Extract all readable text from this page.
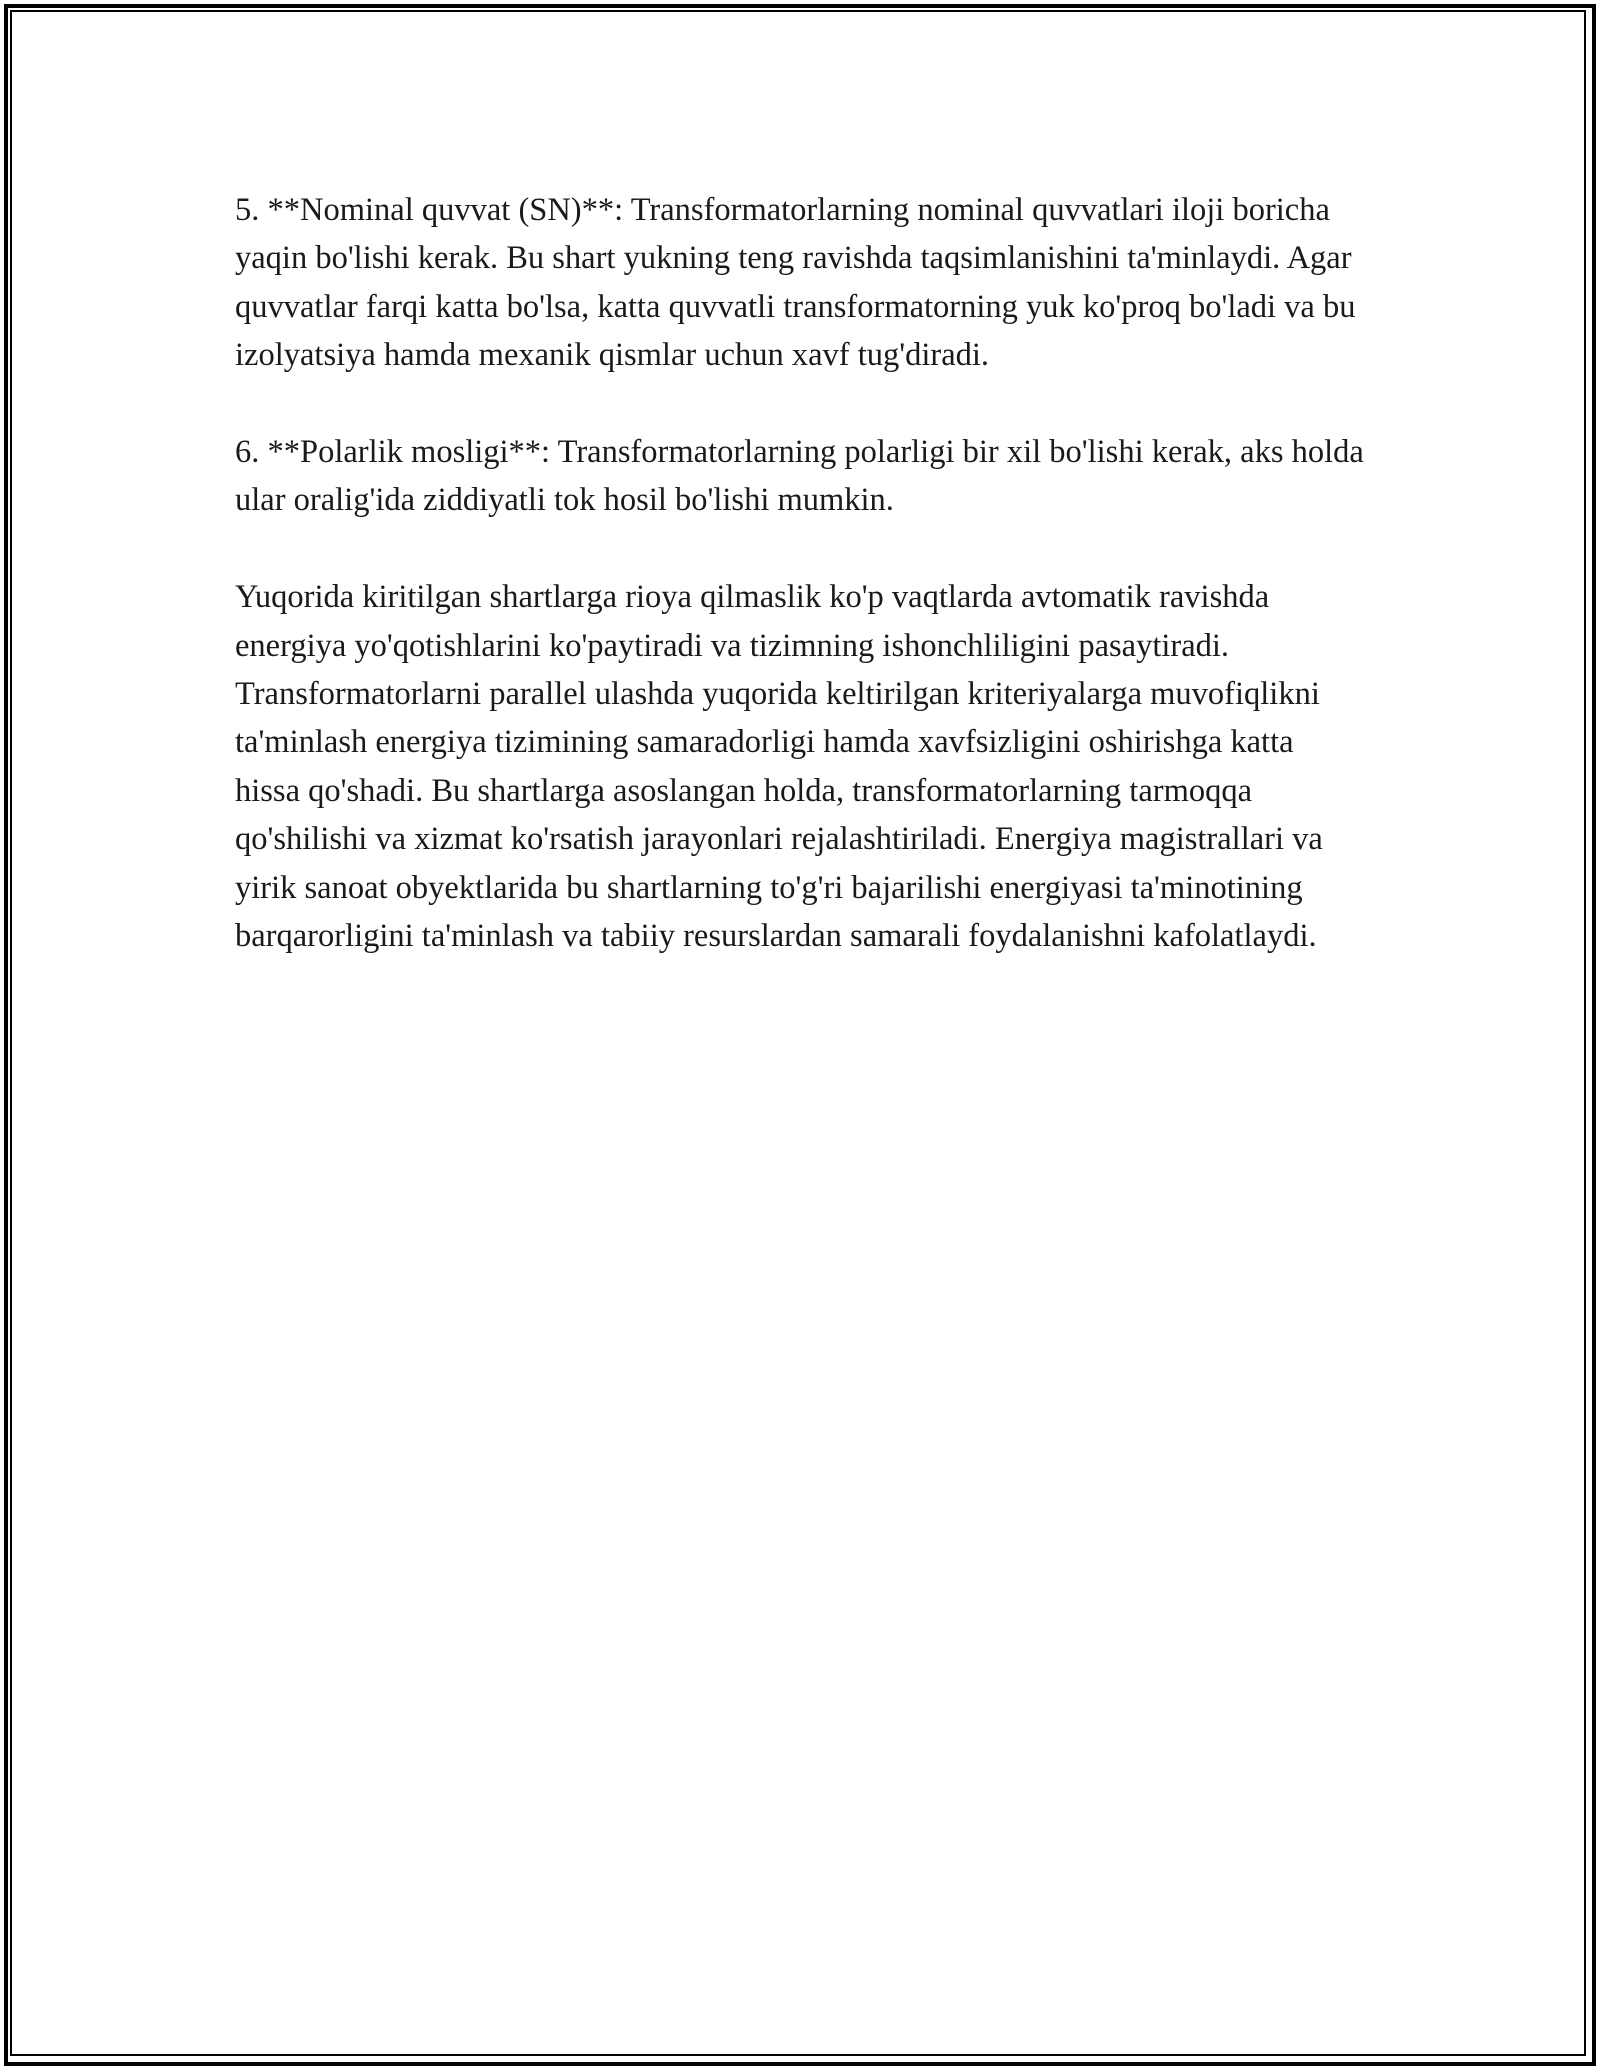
5. **Nominal quvvat (SN)**: Transformatorlarning nominal quvvatlari iloji boricha yaqin bo'lishi kerak. Bu shart yukning teng ravishda taqsimlanishini ta'minlaydi. Agar quvvatlar farqi katta bo'lsa, katta quvvatli transformatorning yuk ko'proq bo'ladi va bu izolyatsiya hamda mexanik qismlar uchun xavf tug'diradi.

6. **Polarlik mosligi**: Transformatorlarning polarligi bir xil bo'lishi kerak, aks holda ular oralig'ida ziddiyatli tok hosil bo'lishi mumkin.

Yuqorida kiritilgan shartlarga rioya qilmaslik ko'p vaqtlarda avtomatik ravishda energiya yo'qotishlarini ko'paytiradi va tizimning ishonchliligini pasaytiradi. Transformatorlarni parallel ulashda yuqorida keltirilgan kriteriyalarga muvofiqlikni ta'minlash energiya tizimining samaradorligi hamda xavfsizligini oshirishga katta hissa qo'shadi. Bu shartlarga asoslangan holda, transformatorlarning tarmoqqa qo'shilishi va xizmat ko'rsatish jarayonlari rejalashtiriladi. Energiya magistrallari va yirik sanoat obyektlarida bu shartlarning to'g'ri bajarilishi energiyasi ta'minotining barqarorligini ta'minlash va tabiiy resurslardan samarali foydalanishni kafolatlaydi.
